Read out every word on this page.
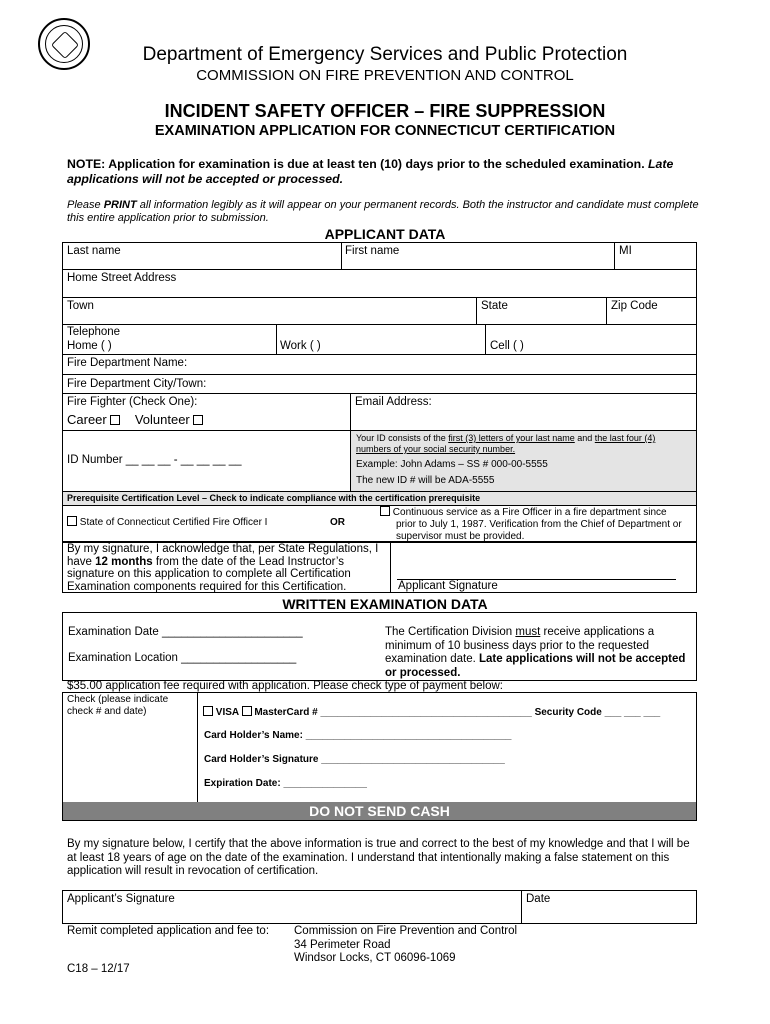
Department of Emergency Services and Public Protection
COMMISSION ON FIRE PREVENTION AND CONTROL
INCIDENT SAFETY OFFICER – FIRE SUPPRESSION
EXAMINATION APPLICATION FOR CONNECTICUT CERTIFICATION
NOTE: Application for examination is due at least ten (10) days prior to the scheduled examination. Late applications will not be accepted or processed.
Please PRINT all information legibly as it will appear on your permanent records. Both the instructor and candidate must complete this entire application prior to submission.
APPLICANT DATA
Last name	First name	MI
Home Street Address
Town	State	Zip Code
Telephone
Home ( )	Work ( )	Cell ( )
Fire Department Name:
Fire Department City/Town:
Fire Fighter (Check One):
Career Volunteer
Email Address:
ID Number __ __ __ - __ __ __ __
Your ID consists of the first (3) letters of your last name and the last four (4) numbers of your social security number.
Example: John Adams – SS # 000-00-5555
The new ID # will be ADA-5555
Prerequisite Certification Level – Check to indicate compliance with the certification prerequisite
State of Connecticut Certified Fire Officer I	OR
Continuous service as a Fire Officer in a fire department since
prior to July 1, 1987. Verification from the Chief of Department or
supervisor must be provided.
By my signature, I acknowledge that, per State Regulations, I have 12 months from the date of the Lead Instructor’s signature on this application to complete all Certification Examination components required for this Certification.	Applicant Signature
WRITTEN EXAMINATION DATA
Examination Date ______________________
Examination Location __________________
The Certification Division must receive applications a minimum of 10 business days prior to the requested examination date. Late applications will not be accepted or processed.
$35.00 application fee required with application. Please check type of payment below:
Check (please indicate check # and date)	VISA MasterCard # ______________________________________ Security Code ___ ___ ___
Card Holder’s Name: _____________________________________
Card Holder’s Signature _________________________________
Expiration Date: _______________
DO NOT SEND CASH
By my signature below, I certify that the above information is true and correct to the best of my knowledge and that I will be at least 18 years of age on the date of the examination. I understand that intentionally making a false statement on this application will result in revocation of certification.
Applicant’s Signature	Date
Remit completed application and fee to: Commission on Fire Prevention and Control
34 Perimeter Road
Windsor Locks, CT 06096-1069
C18 – 12/17
